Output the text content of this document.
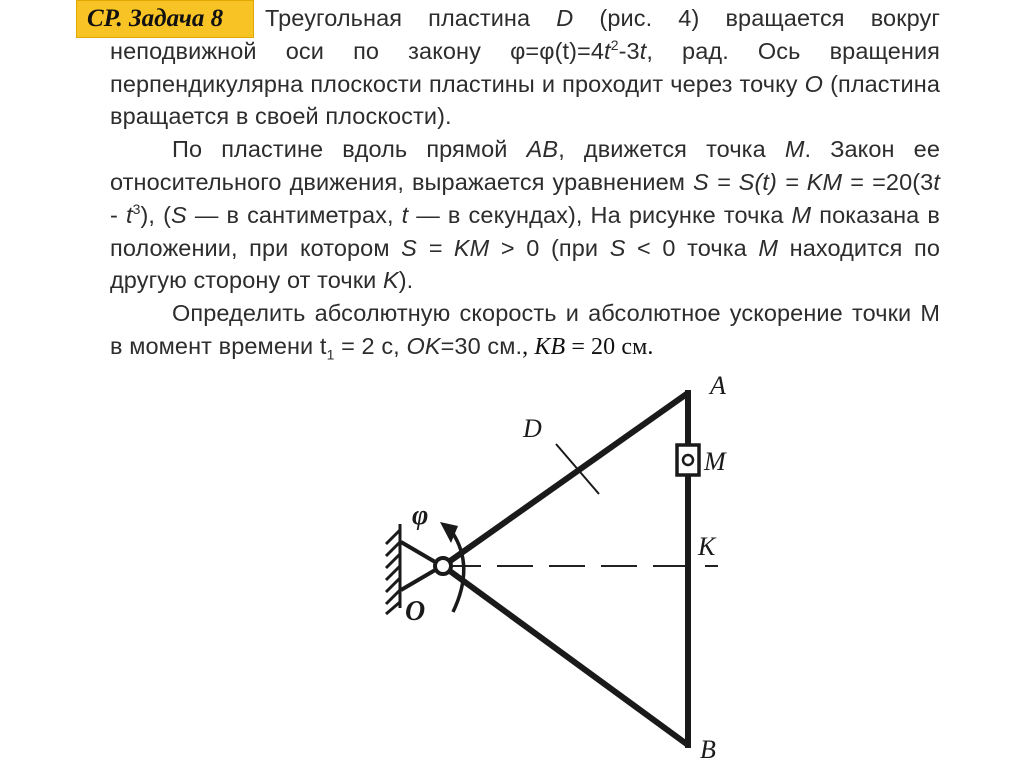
СР. Задача 8	Треугольная пластина D (рис. 4) вращается вокруг неподвижной оси по закону $\varphi=\varphi(t)=4t^2-3t$, рад. Ось вращения перпендикулярна плоскости пластины и проходит через точку O (пластина вращается в своей плоскости).

По пластине вдоль прямой AB, движется точка M. Закон ее относительного движения, выражается уравнением S = S(t) = KM = $=20(3t - t^3)$, (S — в сантиметрах, t — в секундах), На рисунке точка M показана в положении, при котором S = KM > 0 (при S < 0 точка M находится по другую сторону от точки K).

Определить абсолютную скорость и абсолютное ускорение точки М в момент времени $t_1 = 2$ с, OK=30 см., KB = 20 см.

A
B
D
M
K
O
φ
